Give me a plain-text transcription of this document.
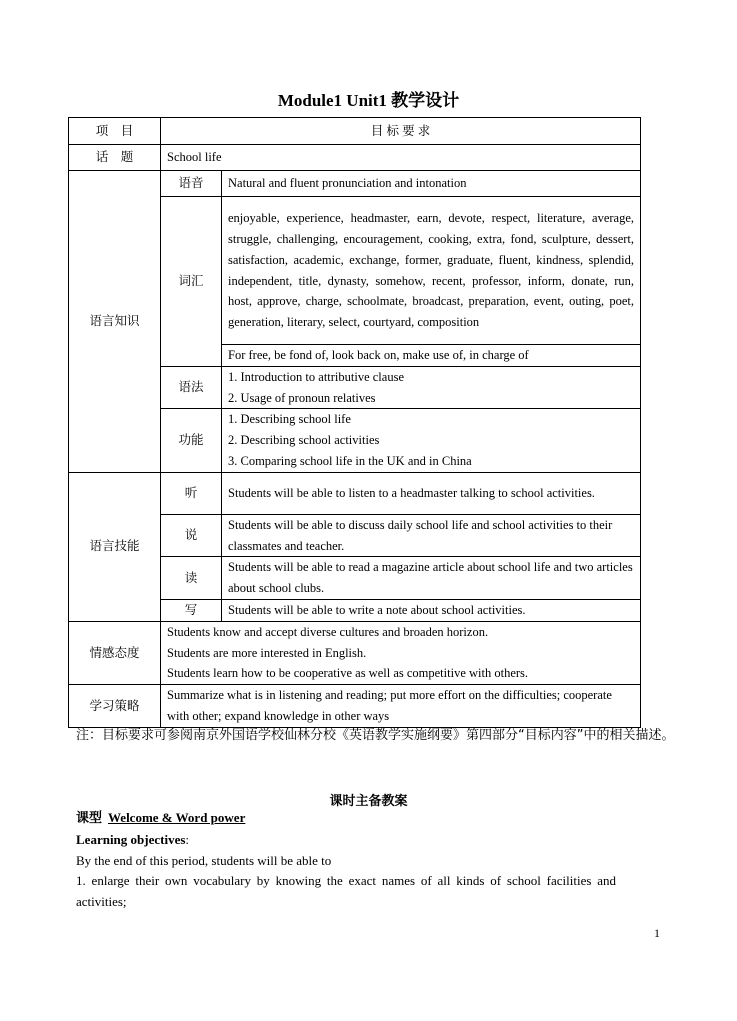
Module1 Unit1 教学设计
项　目	目 标 要 求	
话　题	School life	
语言知识	语音	Natural and fluent pronunciation and intonation
	词汇	enjoyable, experience, headmaster, earn, devote, respect, literature, average, struggle, challenging, encouragement, cooking, extra, fond, sculpture, dessert, satisfaction, academic, exchange, former, graduate, fluent, kindness, splendid, independent, title, dynasty, somehow, recent, professor, inform, donate, run, host, approve, charge, schoolmate, broadcast, preparation, event, outing, poet, generation, literary, select, courtyard, composition
		For free, be fond of, look back on, make use of, in charge of
	语法	1. Introduction to attributive clause
2. Usage of pronoun relatives

	功能	1. Describing school life
2. Describing school activities
3. Comparing school life in the UK and in China

语言技能	听	Students will be able to listen to a headmaster talking to school activities.
	说	Students will be able to discuss daily school life and school activities to their classmates and teacher.
	读	Students will be able to read a magazine article about school life and two articles about school clubs.
	写	Students will be able to write a note about school activities.
情感态度	Students know and accept diverse cultures and broaden horizon.
Students are more interested in English.
Students learn how to be cooperative as well as competitive with others.	

学习策略	Summarize what is in listening and reading; put more effort on the difficulties; cooperate with other; expand knowledge in other ways	
注：目标要求可参阅南京外国语学校仙林分校《英语教学实施纲要》第四部分“目标内容”中的相关描述。
课时主备教案

课型 Welcome & Word power

Learning objectives:

By the end of this period, students will be able to

1. enlarge their own vocabulary by knowing the exact names of all kinds of school facilities and activities;

1
